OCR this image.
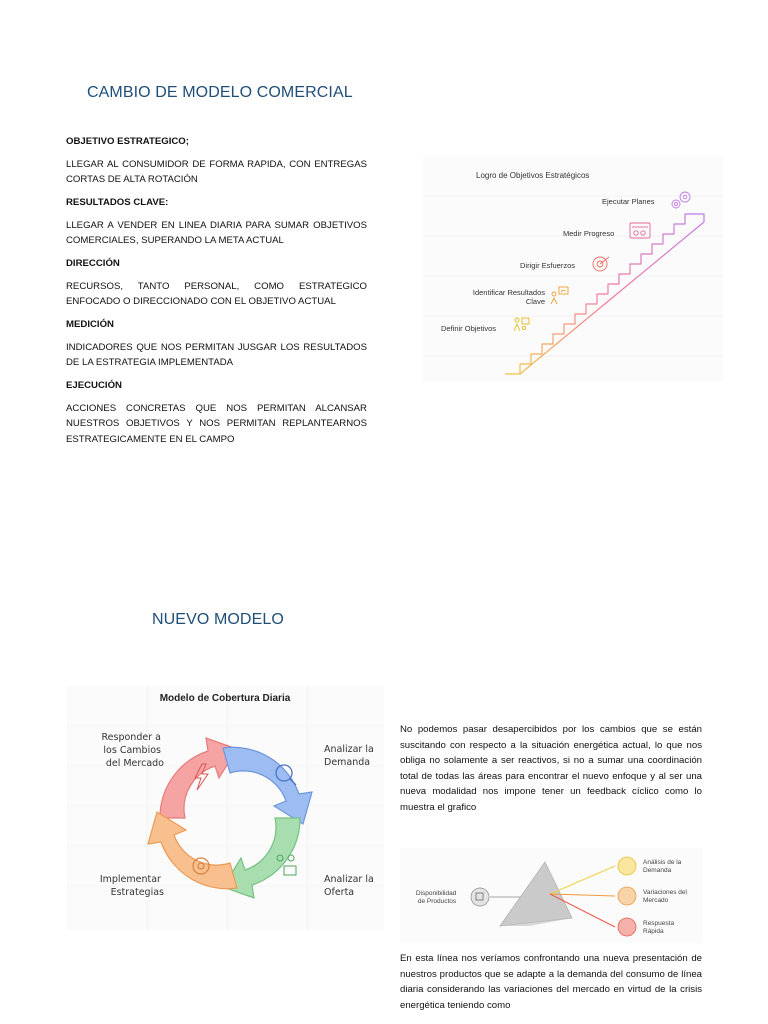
CAMBIO DE MODELO COMERCIAL

OBJETIVO ESTRATEGICO;

LLEGAR AL CONSUMIDOR DE FORMA RAPIDA, CON ENTREGAS CORTAS DE ALTA ROTACIÓN

RESULTADOS CLAVE:

LLEGAR A VENDER EN LINEA DIARIA PARA SUMAR OBJETIVOS COMERCIALES, SUPERANDO LA META ACTUAL

DIRECCIÓN

RECURSOS, TANTO PERSONAL, COMO ESTRATEGICO ENFOCADO O DIRECCIONADO CON EL OBJETIVO ACTUAL

MEDICIÓN

INDICADORES QUE NOS PERMITAN JUSGAR LOS RESULTADOS DE LA ESTRATEGIA IMPLEMENTADA

EJECUCIÓN

ACCIONES CONCRETAS QUE NOS PERMITAN ALCANSAR NUESTROS OBJETIVOS Y NOS PERMITAN REPLANTEARNOS ESTRATEGICAMENTE EN EL CAMPO

Logro de Objetivos Estratégicos
Definir Objetivos
Identificar Resultados
Clave
Dirigir Esfuerzos
Medir Progreso
Ejecutar Planes
NUEVO MODELO
Modelo de Cobertura Diaria
Responder a los Cambios del Mercado
Analizar la Demanda
Analizar la Oferta
Implementar Estrategias

No podemos pasar desapercibidos por los cambios que se están suscitando con respecto a la situación energética actual, lo que nos obliga no solamente a ser reactivos, si no a sumar una coordinación total de todas las áreas para encontrar el nuevo enfoque y al ser una nueva modalidad nos impone tener un feedback cíclico como lo muestra el grafico

Disponibilidad de Productos
Análisis de la Demanda Variaciones del Mercado Respuesta Rápida

En esta línea nos veríamos confrontando una nueva presentación de nuestros productos que se adapte a la demanda del consumo de línea diaria considerando las variaciones del mercado en virtud de la crisis energética teniendo como
